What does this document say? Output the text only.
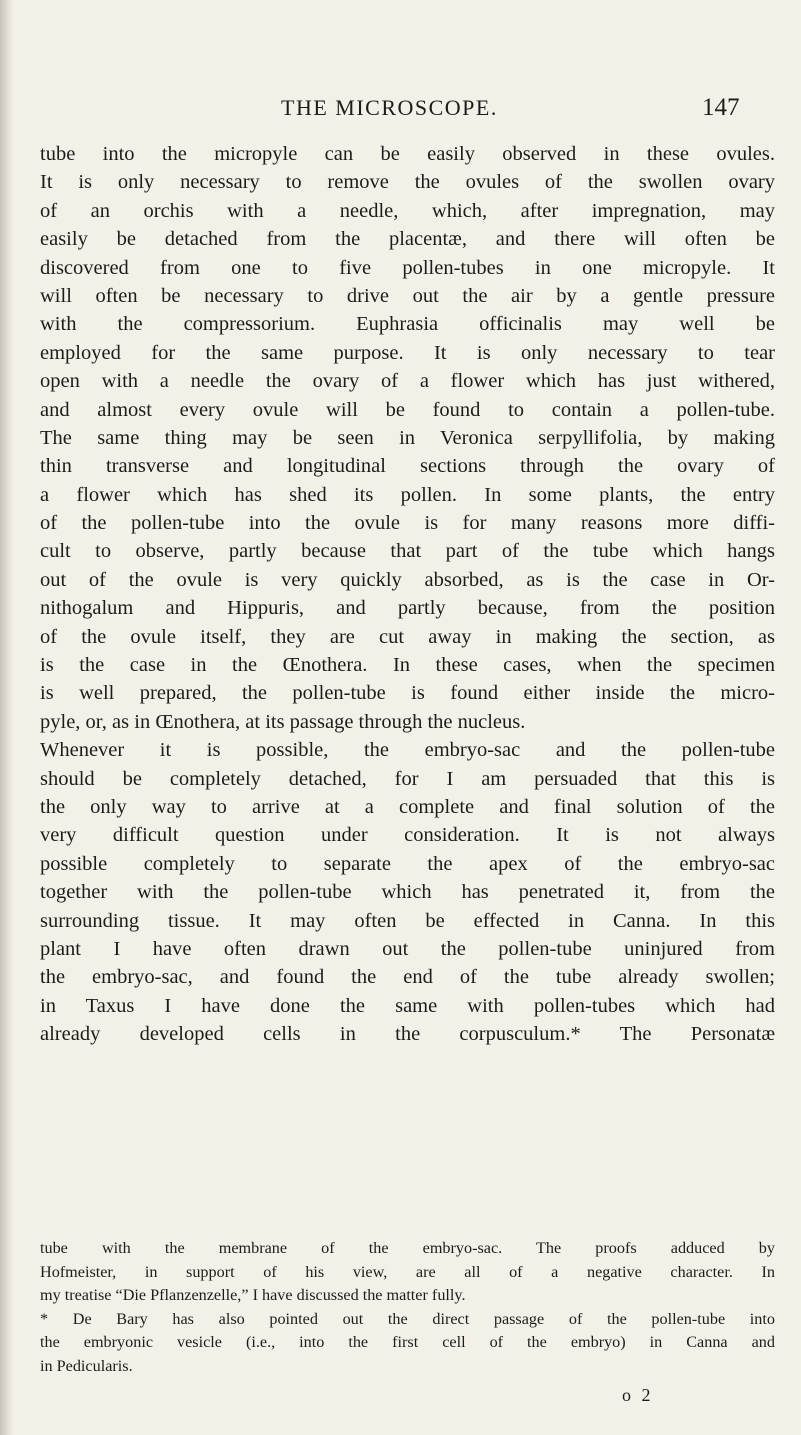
THE MICROSCOPE.	147
tube into the micropyle can be easily observed in these ovules.
It is only necessary to remove the ovules of the swollen ovary
of an orchis with a needle, which, after impregnation, may
easily be detached from the placentæ, and there will often be
discovered from one to five pollen-tubes in one micropyle. It
will often be necessary to drive out the air by a gentle pressure
with the compressorium. Euphrasia officinalis may well be
employed for the same purpose. It is only necessary to tear
open with a needle the ovary of a flower which has just withered,
and almost every ovule will be found to contain a pollen-tube.
The same thing may be seen in Veronica serpyllifolia, by making
thin transverse and longitudinal sections through the ovary of
a flower which has shed its pollen. In some plants, the entry
of the pollen-tube into the ovule is for many reasons more diffi-
cult to observe, partly because that part of the tube which hangs
out of the ovule is very quickly absorbed, as is the case in Or-
nithogalum and Hippuris, and partly because, from the position
of the ovule itself, they are cut away in making the section, as
is the case in the Œnothera. In these cases, when the specimen
is well prepared, the pollen-tube is found either inside the micro-
pyle, or, as in Œnothera, at its passage through the nucleus.
Whenever it is possible, the embryo-sac and the pollen-tube
should be completely detached, for I am persuaded that this is
the only way to arrive at a complete and final solution of the
very difficult question under consideration. It is not always
possible completely to separate the apex of the embryo-sac
together with the pollen-tube which has penetrated it, from the
surrounding tissue. It may often be effected in Canna. In this
plant I have often drawn out the pollen-tube uninjured from
the embryo-sac, and found the end of the tube already swollen;
in Taxus I have done the same with pollen-tubes which had
already developed cells in the corpusculum.* The Personatæ
tube with the membrane of the embryo-sac. The proofs adduced by
Hofmeister, in support of his view, are all of a negative character. In
my treatise “Die Pflanzenzelle,” I have discussed the matter fully.
* De Bary has also pointed out the direct passage of the pollen-tube into
the embryonic vesicle (i.e., into the first cell of the embryo) in Canna and
in Pedicularis.
o 2
